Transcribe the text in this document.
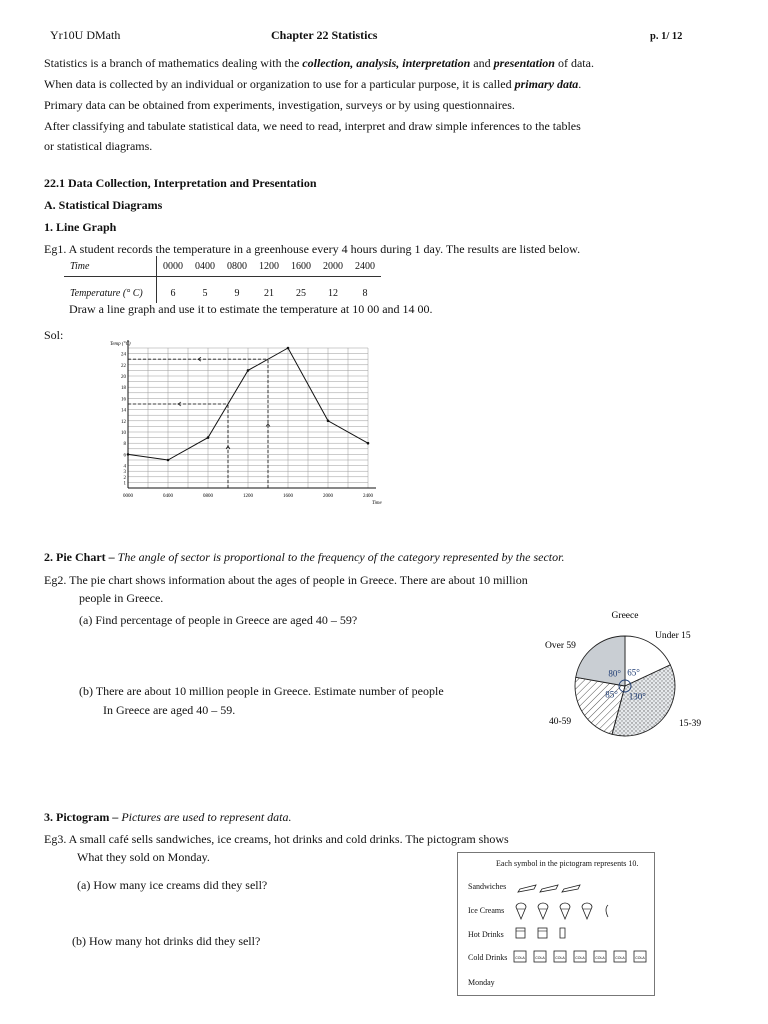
Yr10U DMath	Chapter 22 Statistics	p. 1/ 12
Statistics is a branch of mathematics dealing with the collection, analysis, interpretation and presentation of data.
When data is collected by an individual or organization to use for a particular purpose, it is called primary data.
Primary data can be obtained from experiments, investigation, surveys or by using questionnaires.
After classifying and tabulate statistical data, we need to read, interpret and draw simple inferences to the tables
or statistical diagrams.
22.1 Data Collection, Interpretation and Presentation
A. Statistical Diagrams
1. Line Graph
Eg1. A student records the temperature in a greenhouse every 4 hours during 1 day. The results are listed below.
Time	0000	0400	0800	1200	1600	2000	2400
Temperature (° C)	6	5	9	21	25	12	8
Draw a line graph and use it to estimate the temperature at 10 00 and 14 00.
Sol:
1
2
3
4
6
8
10
12
14
16
18
20
22
24
0000	0400	0800	1200	1600	2000	2400
Temp (°C)
Time
2. Pie Chart – The angle of sector is proportional to the frequency of the category represented by the sector.
Eg2. The pie chart shows information about the ages of people in Greece. There are about 10 million
people in Greece.
(a) Find percentage of people in Greece are aged 40 – 59?
(b) There are about 10 million people in Greece. Estimate number of people
In Greece are aged 40 – 59.
65°
130°
85°
80°
Greece
Over 59
Under 15
40-59	15-39
3. Pictogram – Pictures are used to represent data.
Eg3. A small café sells sandwiches, ice creams, hot drinks and cold drinks. The pictogram shows
What they sold on Monday.
(a) How many ice creams did they sell?
(b) How many hot drinks did they sell?
Each symbol in the pictogram represents 10.
Sandwiches
Ice Creams
Hot Drinks
Cold Drinks
Monday
COLA	COLA	COLA	COLA	COLA	COLA	COLA
